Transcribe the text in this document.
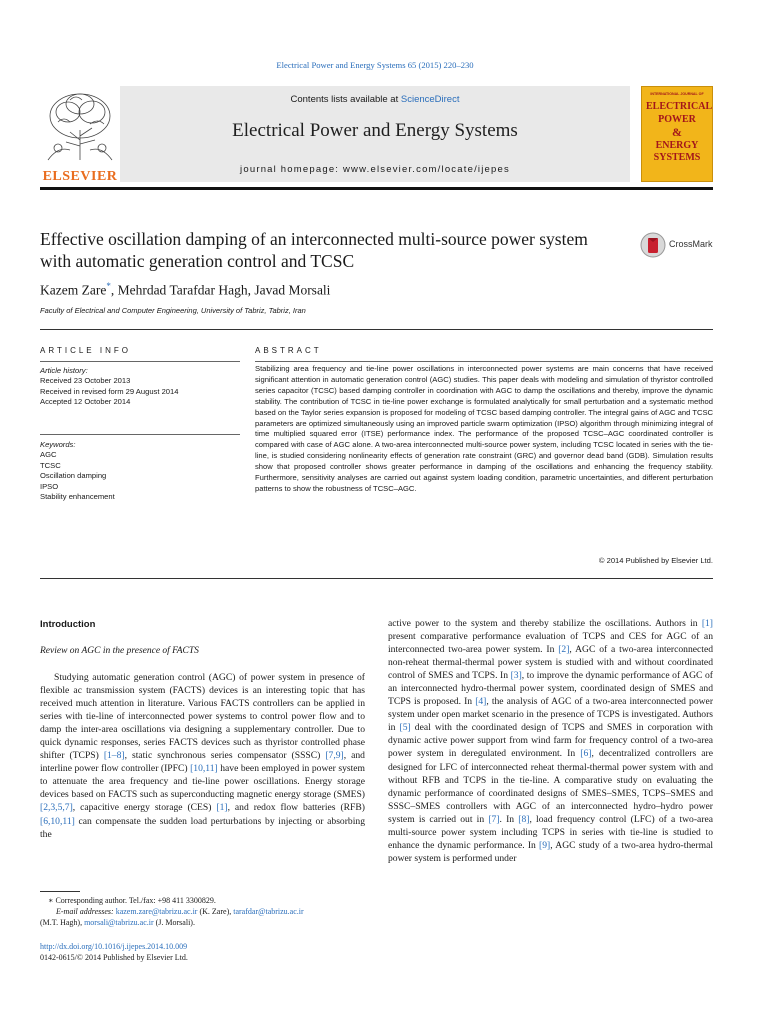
Electrical Power and Energy Systems 65 (2015) 220–230
ELSEVIER
Contents lists available at ScienceDirect
Electrical Power and Energy Systems
journal homepage: www.elsevier.com/locate/ijepes
INTERNATIONAL JOURNAL OF
ELECTRICAL
POWER
&
ENERGY
SYSTEMS
Effective oscillation damping of an interconnected multi-source power system with automatic generation control and TCSC
CrossMark
Kazem Zare*, Mehrdad Tarafdar Hagh, Javad Morsali
Faculty of Electrical and Computer Engineering, University of Tabriz, Tabriz, Iran
ARTICLE INFO
Article history:
Received 23 October 2013
Received in revised form 29 August 2014
Accepted 12 October 2014
Keywords:
AGC
TCSC
Oscillation damping
IPSO
Stability enhancement
ABSTRACT
Stabilizing area frequency and tie-line power oscillations in interconnected power systems are main concerns that have received significant attention in automatic generation control (AGC) studies. This paper deals with modeling and simulation of thyristor controlled series capacitor (TCSC) based damping controller in coordination with AGC to damp the oscillations and thereby, improve the dynamic stability. The contribution of TCSC in tie-line power exchange is formulated analytically for small perturbation and a systematic method based on the Taylor series expansion is proposed for modeling of TCSC based damping controller. The integral gains of AGC and TCSC parameters are optimized simultaneously using an improved particle swarm optimization (IPSO) algorithm through minimizing integral of time multiplied squared error (ITSE) performance index. The performance of the proposed TCSC–AGC coordinated controller is compared with case of AGC alone. A two-area interconnected multi-source power system, including TCSC located in series with the tie-line, is studied considering nonlinearity effects of generation rate constraint (GRC) and governor dead band (GDB). Simulation results show that proposed controller shows greater performance in damping of the oscillations and enhancing the frequency stability. Furthermore, sensitivity analyses are carried out against system loading condition, parametric uncertainties, and different perturbation patterns to show the robustness of TCSC–AGC.
© 2014 Published by Elsevier Ltd.
Introduction
Review on AGC in the presence of FACTS

Studying automatic generation control (AGC) of power system in presence of flexible ac transmission system (FACTS) devices is an interesting topic that has received much attention in literature. Various FACTS controllers can be applied in series with tie-line of interconnected power systems to control power flow and to damp the inter-area oscillations via designing a supplementary controller. Due to quick dynamic responses, series FACTS devices such as thyristor controlled phase shifter (TCPS) [1–8], static synchronous series compensator (SSSC) [7,9], and interline power flow controller (IPFC) [10,11] have been employed in power system to attenuate the area frequency and tie-line power oscillations. Energy storage devices based on FACTS such as superconducting magnetic energy storage (SMES) [2,3,5,7], capacitive energy storage (CES) [1], and redox flow batteries (RFB) [6,10,11] can compensate the sudden load perturbations by injecting or absorbing the

∗ Corresponding author. Tel./fax: +98 411 3300829.
E-mail addresses: kazem.zare@tabrizu.ac.ir (K. Zare), tarafdar@tabrizu.ac.ir
(M.T. Hagh), morsali@tabrizu.ac.ir (J. Morsali).
http://dx.doi.org/10.1016/j.ijepes.2014.10.009
0142-0615/© 2014 Published by Elsevier Ltd.

active power to the system and thereby stabilize the oscillations. Authors in [1] present comparative performance evaluation of TCPS and CES for AGC of an interconnected two-area power system. In [2], AGC of a two-area interconnected non-reheat thermal-thermal power system is studied with and without coordinated control of SMES and TCPS. In [3], to improve the dynamic performance of AGC of an interconnected hydro-thermal power system, coordinated design of SMES and TCPS is proposed. In [4], the analysis of AGC of a two-area interconnected power system under open market scenario in the presence of TCPS is investigated. Authors in [5] deal with the coordinated design of TCPS and SMES in corporation with dynamic active power support from wind farm for frequency control of a two-area power system in deregulated environment. In [6], decentralized controllers are designed for LFC of interconnected reheat thermal-thermal power system with and without RFB and TCPS in the tie-line. A comparative study on evaluating the dynamic performance of coordinated designs of SMES–SMES, TCPS–SMES and SSSC–SMES controllers with AGC of an interconnected hydro–hydro power system is carried out in [7]. In [8], load frequency control (LFC) of a two-area multi-source power system including TCPS in series with tie-line is studied to enhance the dynamic performance. In [9], AGC study of a two-area hydro-thermal power system is performed under
